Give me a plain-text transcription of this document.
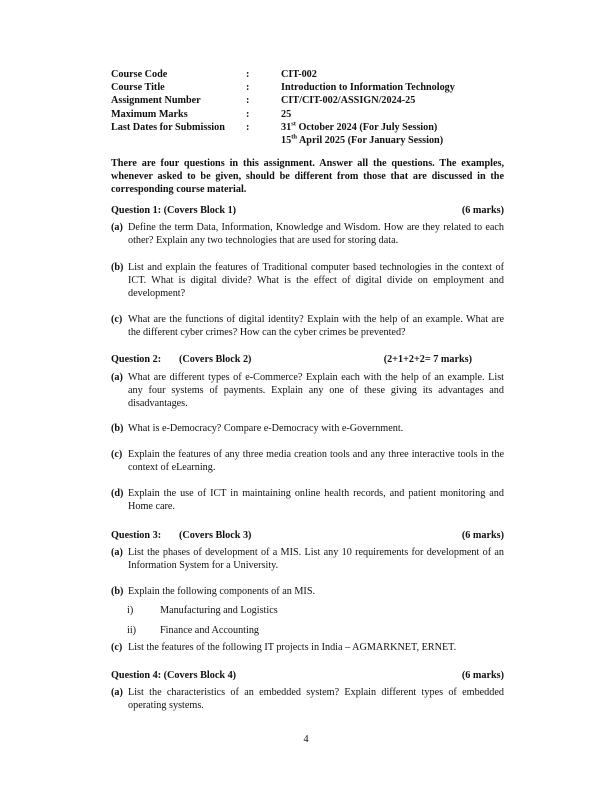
Course Code	:	CIT-002
Course Title	:	Introduction to Information Technology
Assignment Number	:	CIT/CIT-002/ASSIGN/2024-25
Maximum Marks	:	25
Last Dates for Submission :	31st October 2024 (For July Session)
15th April 2025 (For January Session)
There are four questions in this assignment. Answer all the questions. The examples, whenever asked to be given, should be different from those that are discussed in the corresponding course material.
Question 1: (Covers Block 1)	(6 marks)
(a) Define the term Data, Information, Knowledge and Wisdom. How are they related to each other? Explain any two technologies that are used for storing data.
(b) List and explain the features of Traditional computer based technologies in the context of ICT. What is digital divide? What is the effect of digital divide on employment and development?
(c) What are the functions of digital identity? Explain with the help of an example. What are the different cyber crimes? How can the cyber crimes be prevented?
Question 2: (Covers Block 2)	(2+1+2+2= 7 marks)
(a) What are different types of e-Commerce? Explain each with the help of an example. List any four systems of payments. Explain any one of these giving its advantages and disadvantages.
(b) What is e-Democracy? Compare e-Democracy with e-Government.
(c) Explain the features of any three media creation tools and any three interactive tools in the context of eLearning.
(d) Explain the use of ICT in maintaining online health records, and patient monitoring and Home care.
Question 3: (Covers Block 3)	(6 marks)
(a) List the phases of development of a MIS. List any 10 requirements for development of an Information System for a University.
(b) Explain the following components of an MIS.
i)	Manufacturing and Logistics
ii) Finance and Accounting
(c) List the features of the following IT projects in India – AGMARKNET, ERNET.
Question 4: (Covers Block 4)	(6 marks)
(a) List the characteristics of an embedded system? Explain different types of embedded operating systems.
4
